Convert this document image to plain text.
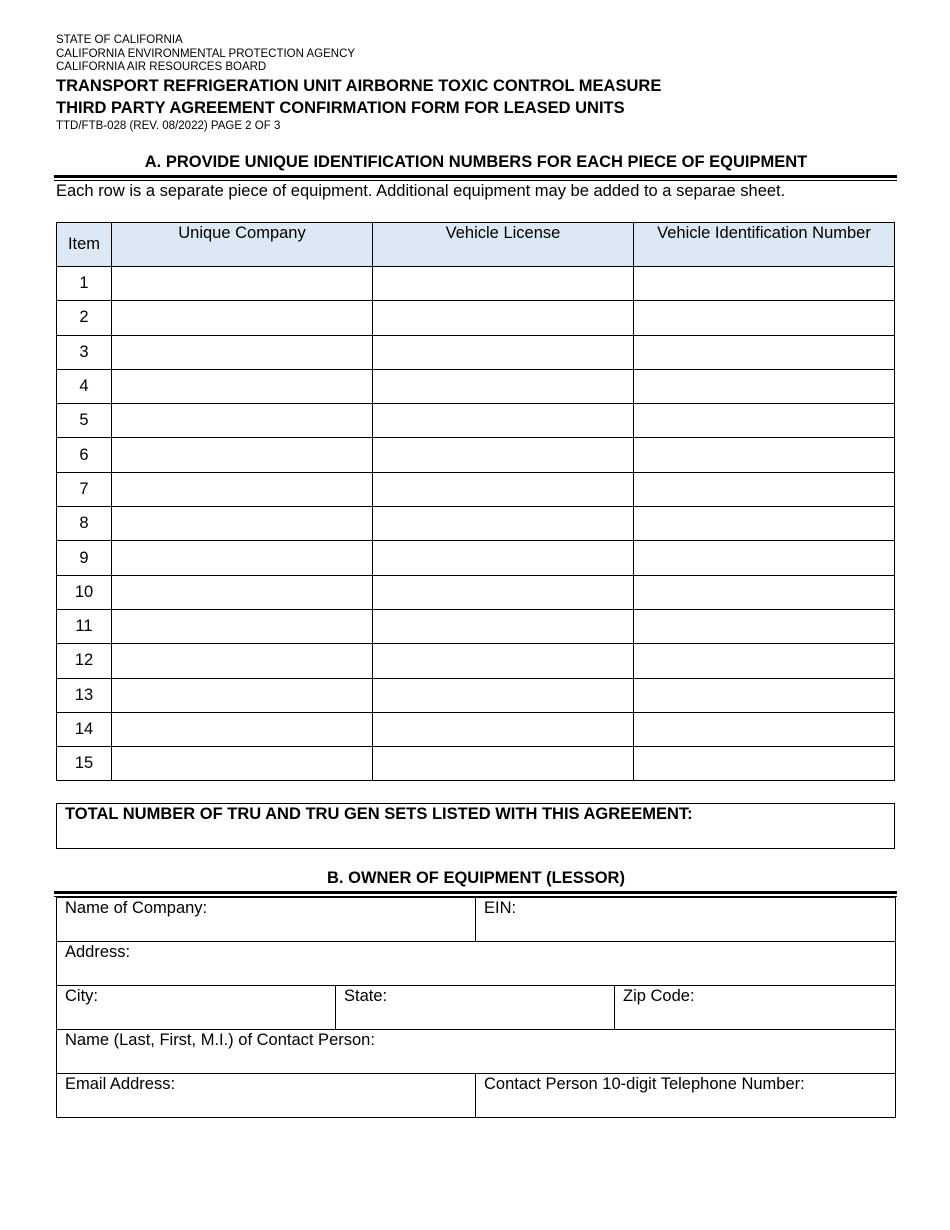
STATE OF CALIFORNIA
CALIFORNIA ENVIRONMENTAL PROTECTION AGENCY
CALIFORNIA AIR RESOURCES BOARD
TRANSPORT REFRIGERATION UNIT AIRBORNE TOXIC CONTROL MEASURE
THIRD PARTY AGREEMENT CONFIRMATION FORM FOR LEASED UNITS
TTD/FTB-028 (REV. 08/2022) PAGE 2 OF 3
A. PROVIDE UNIQUE IDENTIFICATION NUMBERS FOR EACH PIECE OF EQUIPMENT
Each row is a separate piece of equipment. Additional equipment may be added to a separae sheet.
Item	Unique Company	Vehicle License	Vehicle Identification Number

1			
2			
3			
4			
5			
6			
7			
8			
9			
10			
11			
12			
13			
14			
15			
TOTAL NUMBER OF TRU AND TRU GEN SETS LISTED WITH THIS AGREEMENT:
B. OWNER OF EQUIPMENT (LESSOR)
Name of Company:		EIN:	
Address:			
City:	State:		Zip Code:
Name (Last, First, M.I.) of Contact Person:			
Email Address:		Contact Person 10-digit Telephone Number:	
